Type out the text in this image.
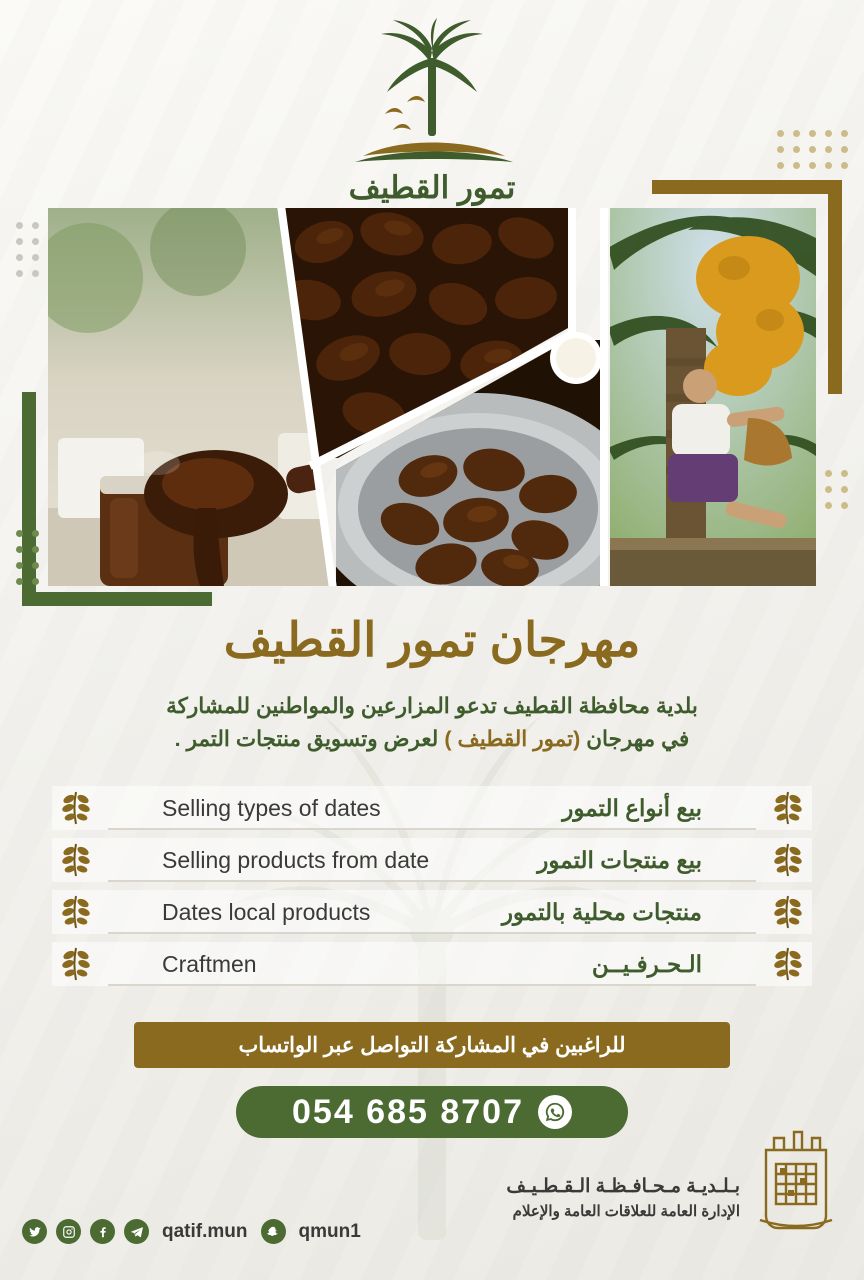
تمور القطيف
مهرجان تمور القطيف
بلدية محافظة القطيف تدعو المزارعين والمواطنين للمشاركة
في مهرجان (تمور القطيف ) لعرض وتسويق منتجات التمر .
Selling types of dates	بيع أنواع التمور
Selling products from date	بيع منتجات التمور
Dates local products	منتجات محلية بالتمور
Craftmen	الـحـرفـيــن
للراغبين في المشاركة التواصل عبر الواتساب
054 685 8707
qatif.mun	qmun1
بـلـديـة مـحـافـظـة الـقـطـيـف
الإدارة العامة للعلاقات العامة والإعلام
